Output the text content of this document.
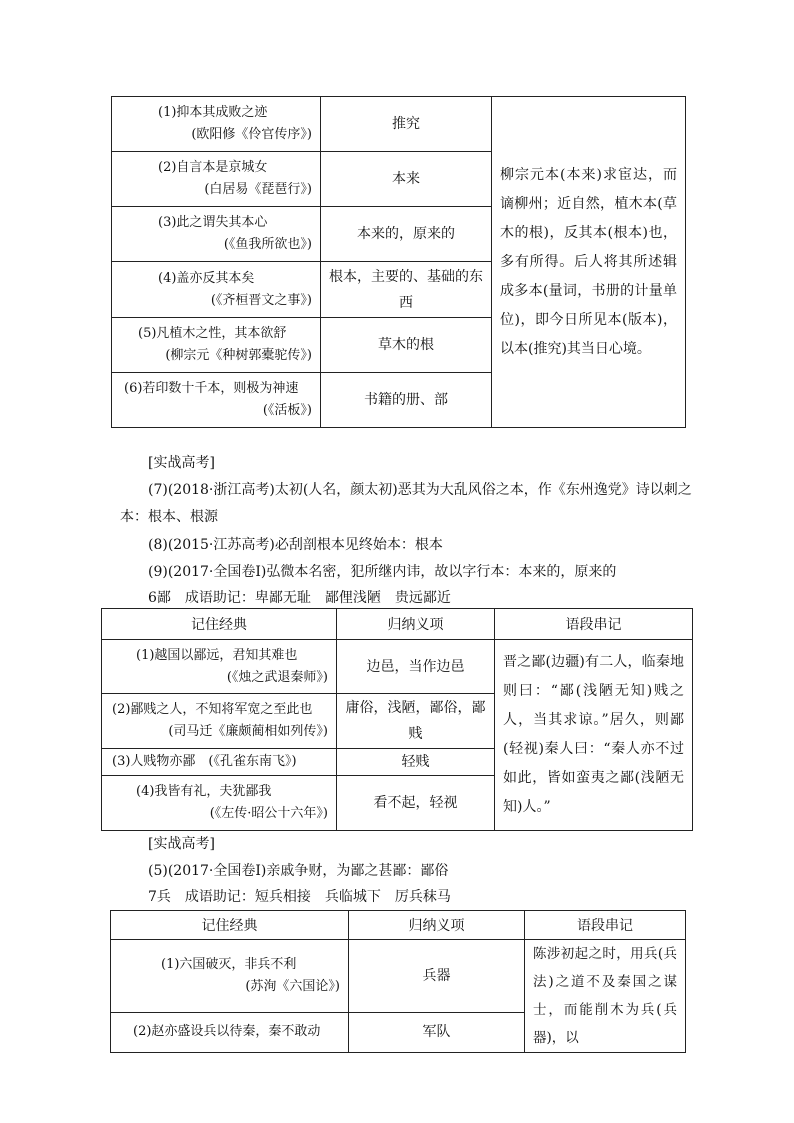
(1)抑本其成败之迹
(欧阳修《伶官传序》)	推究	柳宗元本(本来)求宦达，而谪柳州；近自然，植木本(草木的根)，反其本(根本)也，多有所得。后人将其所述辑成多本(量词，书册的计量单位)，即今日所见本(版本)，以本(推究)其当日心境。

(2)自言本是京城女
(白居易《琵琶行》)	本来	

(3)此之谓失其本心
(《鱼我所欲也》)	本来的，原来的	

(4)盖亦反其本矣
(《齐桓晋文之事》)	根本，主要的、基础的东西	

(5)凡植木之性，其本欲舒
(柳宗元《种树郭橐驼传》)	草木的根	

(6)若印数十千本，则极为神速
(《活板》)	书籍的册、部	
[实战高考]
(7)(2018·浙江高考)太初(人名，颜太初)恶其为大乱风俗之本，作《东州逸党》诗以刺之
本：根本、根源
(8)(2015·江苏高考)必刮剖根本见终始本：根本
(9)(2017·全国卷Ⅰ)弘微本名密，犯所继内讳，故以字行本：本来的，原来的
6鄙　成语助记：卑鄙无耻　鄙俚浅陋　贵远鄙近
记住经典	归纳义项	语段串记

(1)越国以鄙远，君知其难也
(《烛之武退秦师》)	边邑，当作边邑	晋之鄙(边疆)有二人，临秦地则曰：“鄙(浅陋无知)贱之人，当其求谅。”居久，则鄙(轻视)秦人曰：“秦人亦不过如此，皆如蛮夷之鄙(浅陋无知)人。”

(2)鄙贱之人，不知将军宽之至此也
(司马迁《廉颇蔺相如列传》)	庸俗，浅陋，鄙俗，鄙贱	

(3)人贱物亦鄙　(《孔雀东南飞》)	轻贱	

(4)我皆有礼，夫犹鄙我
(《左传·昭公十六年》)	看不起，轻视	
[实战高考]
(5)(2017·全国卷Ⅰ)亲戚争财，为鄙之甚鄙：鄙俗
7兵　成语助记：短兵相接　兵临城下　厉兵秣马
记住经典	归纳义项	语段串记

(1)六国破灭，非兵不利
(苏洵《六国论》)	兵器	陈涉初起之时，用兵(兵法)之道不及秦国之谋士，而能削木为兵(兵器)，以

(2)赵亦盛设兵以待秦，秦不敢动	军队	
